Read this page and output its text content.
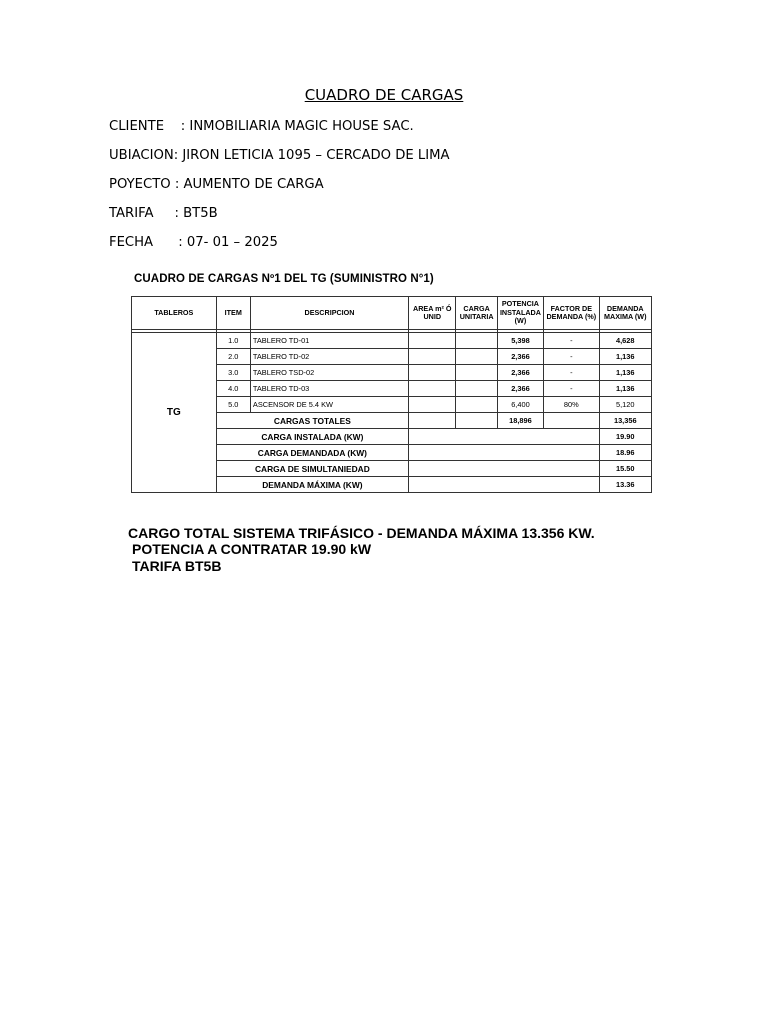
CUADRO DE CARGAS
CLIENTE    : INMOBILIARIA MAGIC HOUSE SAC.
UBIACION: JIRON LETICIA 1095 – CERCADO DE LIMA
POYECTO : AUMENTO DE CARGA
TARIFA     : BT5B
FECHA      : 07- 01 – 2025
CUADRO DE CARGAS Nº1 DEL TG (SUMINISTRO N°1)
TABLEROS	ITEM	DESCRIPCION	AREA m² Ó UNID	CARGA UNITARIA	POTENCIA INSTALADA (W)	FACTOR DE DEMANDA (%)	DEMANDA MAXIMA (W)

TG	1.0	TABLERO TD-01			5,398	-	4,628
	2.0	TABLERO TD-02			2,366	-	1,136
	3.0	TABLERO TSD-02			2,366	-	1,136
	4.0	TABLERO TD-03			2,366	-	1,136
	5.0	ASCENSOR DE 5.4 KW			6,400	80%	5,120
	CARGAS TOTALES				18,896		13,356
	CARGA INSTALADA (KW)						19.90
	CARGA DEMANDADA (KW)						18.96
	CARGA DE SIMULTANIEDAD						15.50
	DEMANDA MÁXIMA (KW)						13.36
CARGO TOTAL SISTEMA TRIFÁSICO - DEMANDA MÁXIMA 13.356 KW.
POTENCIA A CONTRATAR 19.90 kW
TARIFA BT5B
